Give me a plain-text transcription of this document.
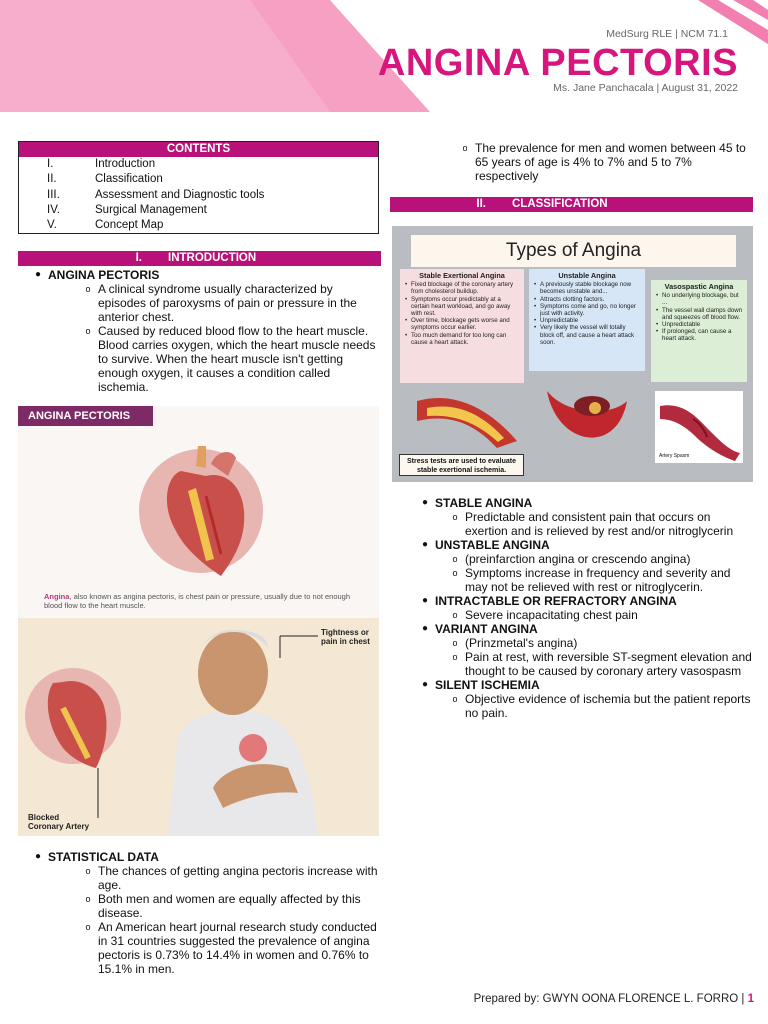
MedSurg RLE | NCM 71.1
ANGINA PECTORIS
Ms. Jane Panchacala | August 31, 2022
CONTENTS
I.	Introduction
II.	Classification
III.	Assessment and Diagnostic tools
IV.	Surgical Management
V.	Concept Map
I.	INTRODUCTION
● ANGINA PECTORIS
o A clinical syndrome usually characterized by episodes of paroxysms of pain or pressure in the anterior chest.
o Caused by reduced blood flow to the heart muscle. Blood carries oxygen, which the heart muscle needs to survive. When the heart muscle isn't getting enough oxygen, it causes a condition called ischemia.
ANGINA PECTORIS
Angina, also known as angina pectoris, is chest pain or pressure, usually due to not enough blood flow to the heart muscle.
Tightness or
pain in chest
Blocked
Coronary Artery
● STATISTICAL DATA
o The chances of getting angina pectoris increase with age.
o Both men and women are equally affected by this disease.
o An American heart journal research study conducted in 31 countries suggested the prevalence of angina pectoris is 0.73% to 14.4% in women and 0.76% to 15.1% in men.
o The prevalence for men and women between 45 to 65 years of age is 4% to 7% and 5 to 7% respectively
II.	CLASSIFICATION
Types of Angina
Stable Exertional Angina
• Fixed blockage of the coronary artery from cholesterol buildup.
• Symptoms occur predictably at a certain heart workload, and go away with rest.
• Over time, blockage gets worse and symptoms occur earlier.
• Too much demand for too long can cause a heart attack.
Unstable Angina
• A previously stable blockage now becomes unstable and...
• Attracts clotting factors.
• Symptoms come and go, no longer just with activity.
• Unpredictable
• Very likely the vessel will totally block off, and cause a heart attack soon.
Vasospastic Angina
• No underlying blockage, but ...
• The vessel wall clamps down and squeezes off blood flow.
• Unpredictable
• If prolonged, can cause a heart attack.
Artery Spasm
Stress tests are used to evaluate stable exertional ischemia.
● STABLE ANGINA
o Predictable and consistent pain that occurs on exertion and is relieved by rest and/or nitroglycerin
● UNSTABLE ANGINA
o (preinfarction angina or crescendo angina)
o Symptoms increase in frequency and severity and may not be relieved with rest or nitroglycerin.
● INTRACTABLE OR REFRACTORY ANGINA
o Severe incapacitating chest pain
● VARIANT ANGINA
o (Prinzmetal's angina)
o Pain at rest, with reversible ST-segment elevation and thought to be caused by coronary artery vasospasm
● SILENT ISCHEMIA
o Objective evidence of ischemia but the patient reports no pain.
Prepared by: GWYN OONA FLORENCE L. FORRO | 1
